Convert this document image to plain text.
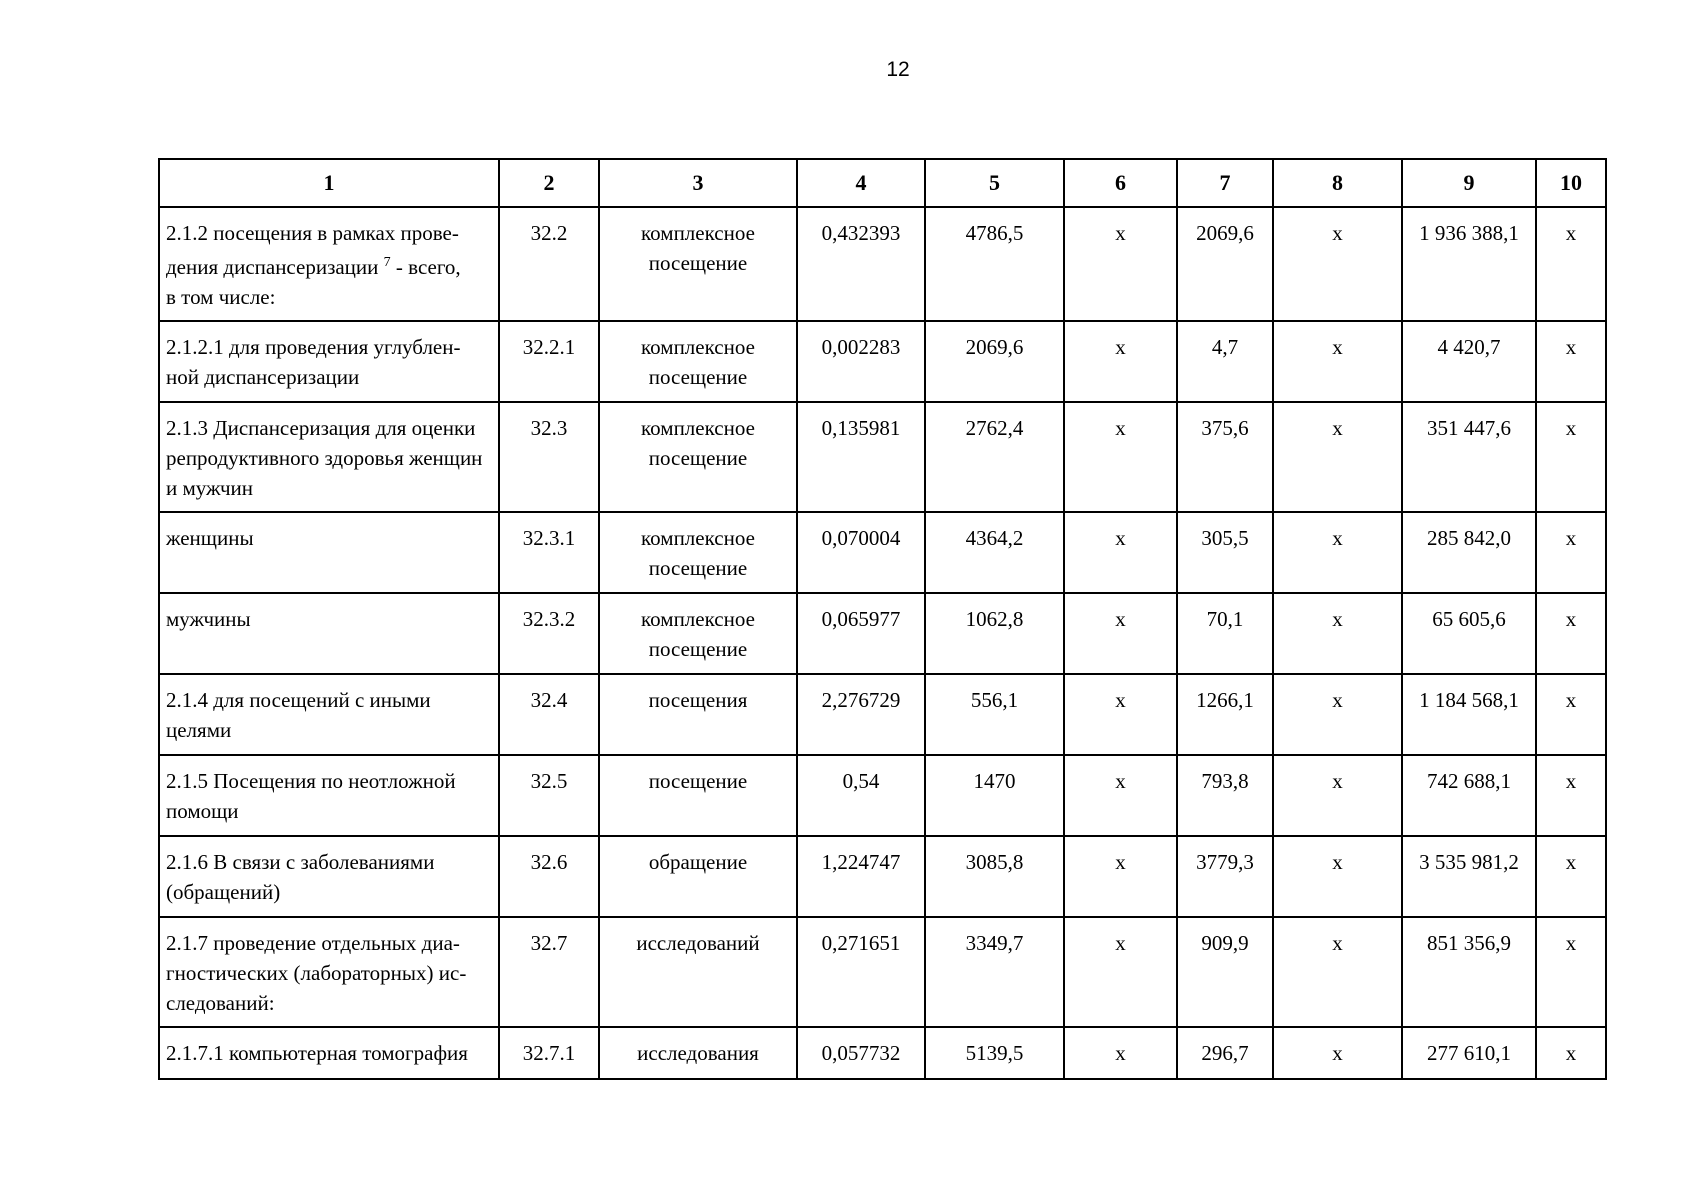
12
1	2	3	4	5	6	7	8	9	10
2.1.2 посещения в рамках прове-
дения диспансеризации $^7$ - всего,
в том числе:	32.2	комплексное посещение	0,432393	4786,5	х	2069,6	х	1 936 388,1	х
2.1.2.1 для проведения углублен-ной диспансеризации	32.2.1	комплексное посещение	0,002283	2069,6	х	4,7	х	4 420,7	х
2.1.3 Диспансеризация для оценки репродуктивного здоровья женщин и мужчин	32.3	комплексное посещение	0,135981	2762,4	х	375,6	х	351 447,6	х
женщины	32.3.1	комплексное посещение	0,070004	4364,2	х	305,5	х	285 842,0	х
мужчины	32.3.2	комплексное посещение	0,065977	1062,8	х	70,1	х	65 605,6	х
2.1.4 для посещений с иными целями	32.4	посещения	2,276729	556,1	х	1266,1	х	1 184 568,1	х
2.1.5 Посещения по неотложной помощи	32.5	посещение	0,54	1470	х	793,8	х	742 688,1	х
2.1.6 В связи с заболеваниями (обращений)	32.6	обращение	1,224747	3085,8	х	3779,3	х	3 535 981,2	х
2.1.7 проведение отдельных диа-гностических (лабораторных) ис-следований:	32.7	исследований	0,271651	3349,7	х	909,9	х	851 356,9	х
2.1.7.1 компьютерная томография	32.7.1	исследования	0,057732	5139,5	х	296,7	х	277 610,1	х
